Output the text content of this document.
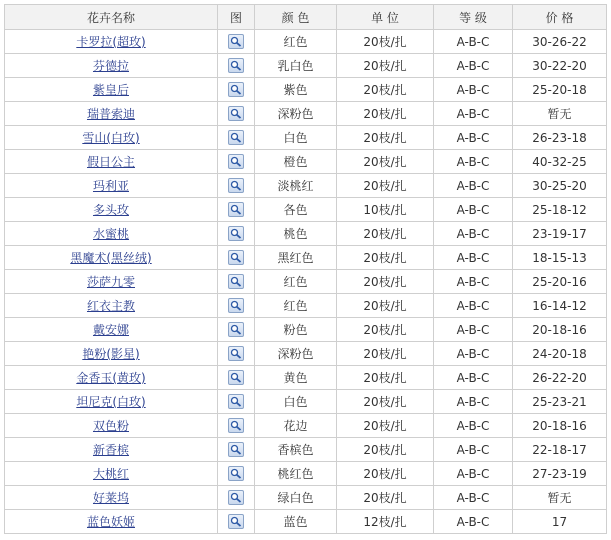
花卉名称	图	颜 色	单 位	等 级	价 格
卡罗拉(超玫)		红色	20枝/扎	A-B-C	30-26-22
芬德拉		乳白色	20枝/扎	A-B-C	30-22-20
紫皇后		紫色	20枝/扎	A-B-C	25-20-18
瑞普索迪		深粉色	20枝/扎	A-B-C	暂无
雪山(白玫)		白色	20枝/扎	A-B-C	26-23-18
假日公主		橙色	20枝/扎	A-B-C	40-32-25
玛利亚		淡桃红	20枝/扎	A-B-C	30-25-20
多头玫		各色	10枝/扎	A-B-C	25-18-12
水蜜桃		桃色	20枝/扎	A-B-C	23-19-17
黑魔术(黑丝绒)		黑红色	20枝/扎	A-B-C	18-15-13
莎萨九零		红色	20枝/扎	A-B-C	25-20-16
红衣主教		红色	20枝/扎	A-B-C	16-14-12
戴安娜		粉色	20枝/扎	A-B-C	20-18-16
艳粉(影星)		深粉色	20枝/扎	A-B-C	24-20-18
金香玉(黄玫)		黄色	20枝/扎	A-B-C	26-22-20
坦尼克(白玫)		白色	20枝/扎	A-B-C	25-23-21
双色粉		花边	20枝/扎	A-B-C	20-18-16
新香槟		香槟色	20枝/扎	A-B-C	22-18-17
大桃红		桃红色	20枝/扎	A-B-C	27-23-19
好莱坞		绿白色	20枝/扎	A-B-C	暂无
蓝色妖姬		蓝色	12枝/扎	A-B-C	17
